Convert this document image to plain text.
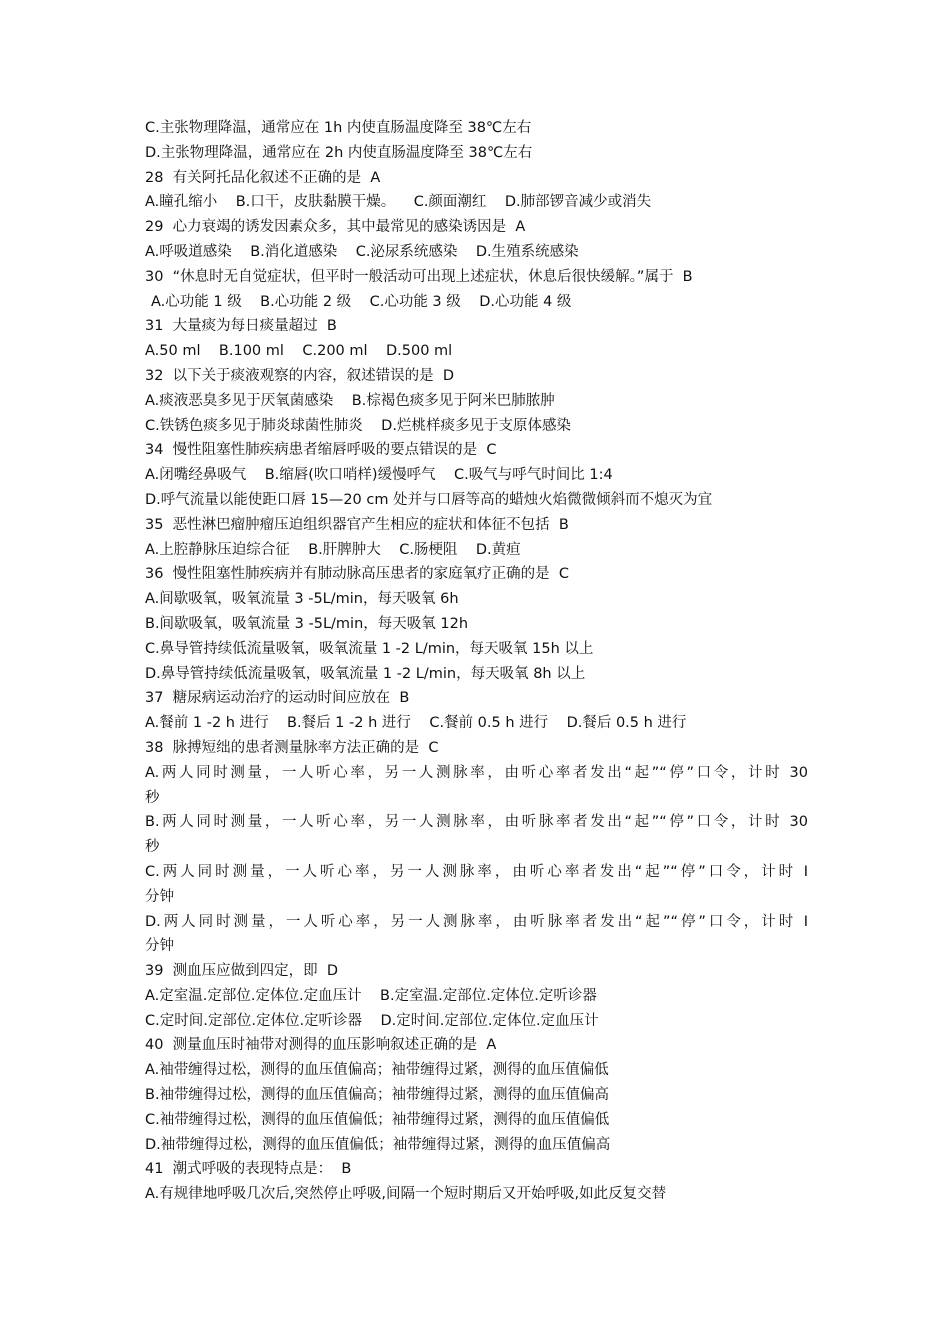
C.主张物理降温，通常应在 1h 内使直肠温度降至 38℃左右
D.主张物理降温，通常应在 2h 内使直肠温度降至 38℃左右
28  有关阿托品化叙述不正确的是  A
A.瞳孔缩小    B.口干，皮肤黏膜干燥。    C.颜面潮红    D.肺部锣音减少或消失
29  心力衰竭的诱发因素众多，其中最常见的感染诱因是  A
A.呼吸道感染    B.消化道感染    C.泌尿系统感染    D.生殖系统感染
30  “休息时无自觉症状，但平时一般活动可出现上述症状，休息后很快缓解。”属于  B
A.心功能 1 级    B.心功能 2 级    C.心功能 3 级    D.心功能 4 级
31  大量痰为每日痰量超过  B
A.50 ml    B.100 ml    C.200 ml    D.500 ml
32  以下关于痰液观察的内容，叙述错误的是  D
A.痰液恶臭多见于厌氧菌感染    B.棕褐色痰多见于阿米巴肺脓肿
C.铁锈色痰多见于肺炎球菌性肺炎    D.烂桃样痰多见于支原体感染
34  慢性阻塞性肺疾病患者缩唇呼吸的要点错误的是  C
A.闭嘴经鼻吸气    B.缩唇(吹口哨样)缓慢呼气    C.吸气与呼气时间比 1:4
D.呼气流量以能使距口唇 15—20 cm 处并与口唇等高的蜡烛火焰微微倾斜而不熄灭为宜
35  恶性淋巴瘤肿瘤压迫组织器官产生相应的症状和体征不包括  B
A.上腔静脉压迫综合征    B.肝脾肿大    C.肠梗阻    D.黄疸
36  慢性阻塞性肺疾病并有肺动脉高压患者的家庭氧疗正确的是  C
A.间歇吸氧，吸氧流量 3 -5L/min，每天吸氧 6h
B.间歇吸氧，吸氧流量 3 -5L/min，每天吸氧 12h
C.鼻导管持续低流量吸氧，吸氧流量 1 -2 L/min，每天吸氧 15h 以上
D.鼻导管持续低流量吸氧，吸氧流量 1 -2 L/min，每天吸氧 8h 以上
37  糖尿病运动治疗的运动时间应放在  B
A.餐前 1 -2 h 进行    B.餐后 1 -2 h 进行    C.餐前 0.5 h 进行    D.餐后 0.5 h 进行
38  脉搏短绌的患者测量脉率方法正确的是  C
A.两人同时测量，一人听心率，另一人测脉率，由听心率者发出“起”“停”口令，计时 30
秒
B.两人同时测量，一人听心率，另一人测脉率，由听脉率者发出“起”“停”口令，计时 30
秒
C.两人同时测量，一人听心率，另一人测脉率，由听心率者发出“起”“停”口令，计时 I
分钟
D.两人同时测量，一人听心率，另一人测脉率，由听脉率者发出“起”“停”口令，计时 I
分钟
39  测血压应做到四定，即  D
A.定室温.定部位.定体位.定血压计    B.定室温.定部位.定体位.定听诊器
C.定时间.定部位.定体位.定听诊器    D.定时间.定部位.定体位.定血压计
40  测量血压时袖带对测得的血压影响叙述正确的是  A
A.袖带缠得过松，测得的血压值偏高；袖带缠得过紧，测得的血压值偏低
B.袖带缠得过松，测得的血压值偏高；袖带缠得过紧，测得的血压值偏高
C.袖带缠得过松，测得的血压值偏低；袖带缠得过紧，测得的血压值偏低
D.袖带缠得过松，测得的血压值偏低；袖带缠得过紧，测得的血压值偏高
41  潮式呼吸的表现特点是：  B
A.有规律地呼吸几次后,突然停止呼吸,间隔一个短时期后又开始呼吸,如此反复交替
